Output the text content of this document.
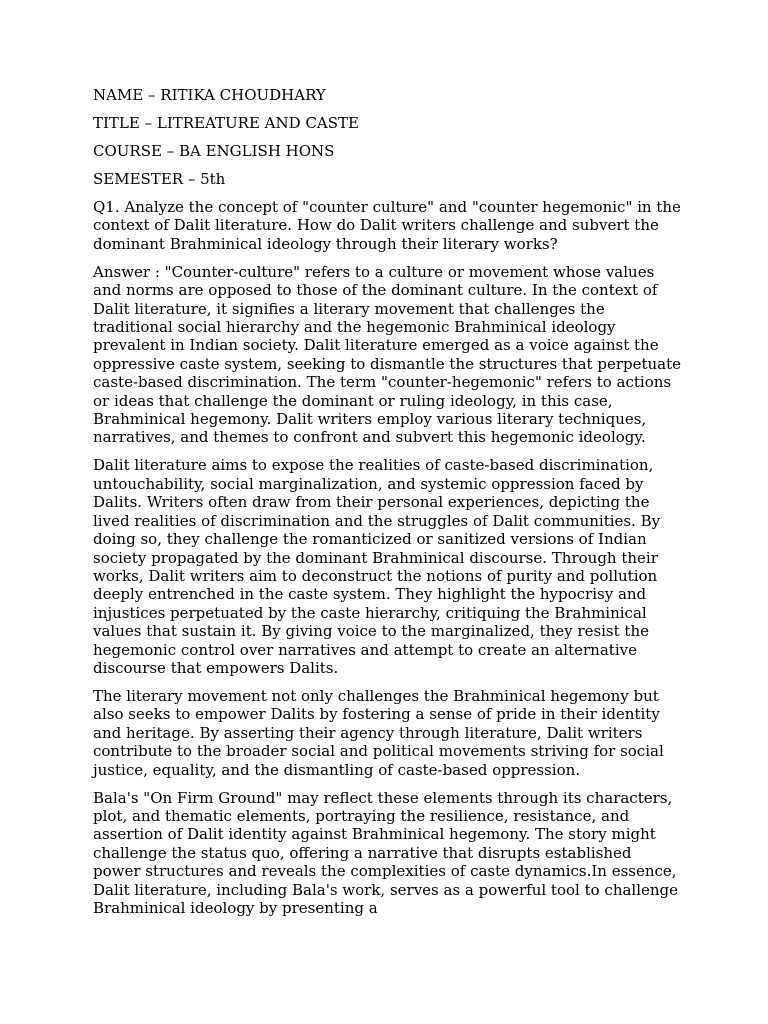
NAME – RITIKA CHOUDHARY
TITLE – LITREATURE AND CASTE
COURSE – BA ENGLISH HONS
SEMESTER – 5th

Q1. Analyze the concept of "counter culture" and "counter hegemonic" in the context of Dalit literature. How do Dalit writers challenge and subvert the dominant Brahminical ideology through their literary works?

Answer : "Counter-culture" refers to a culture or movement whose values and norms are opposed to those of the dominant culture. In the context of Dalit literature, it signifies a literary movement that challenges the traditional social hierarchy and the hegemonic Brahminical ideology prevalent in Indian society. Dalit literature emerged as a voice against the oppressive caste system, seeking to dismantle the structures that perpetuate caste-based discrimination. The term "counter-hegemonic" refers to actions or ideas that challenge the dominant or ruling ideology, in this case, Brahminical hegemony. Dalit writers employ various literary techniques, narratives, and themes to confront and subvert this hegemonic ideology.

Dalit literature aims to expose the realities of caste-based discrimination, untouchability, social marginalization, and systemic oppression faced by Dalits. Writers often draw from their personal experiences, depicting the lived realities of discrimination and the struggles of Dalit communities. By doing so, they challenge the romanticized or sanitized versions of Indian society propagated by the dominant Brahminical discourse. Through their works, Dalit writers aim to deconstruct the notions of purity and pollution deeply entrenched in the caste system. They highlight the hypocrisy and injustices perpetuated by the caste hierarchy, critiquing the Brahminical values that sustain it. By giving voice to the marginalized, they resist the hegemonic control over narratives and attempt to create an alternative discourse that empowers Dalits.

The literary movement not only challenges the Brahminical hegemony but also seeks to empower Dalits by fostering a sense of pride in their identity and heritage. By asserting their agency through literature, Dalit writers contribute to the broader social and political movements striving for social justice, equality, and the dismantling of caste-based oppression.

Bala's "On Firm Ground" may reflect these elements through its characters, plot, and thematic elements, portraying the resilience, resistance, and assertion of Dalit identity against Brahminical hegemony. The story might challenge the status quo, offering a narrative that disrupts established power structures and reveals the complexities of caste dynamics.In essence, Dalit literature, including Bala's work, serves as a powerful tool to challenge Brahminical ideology by presenting a
